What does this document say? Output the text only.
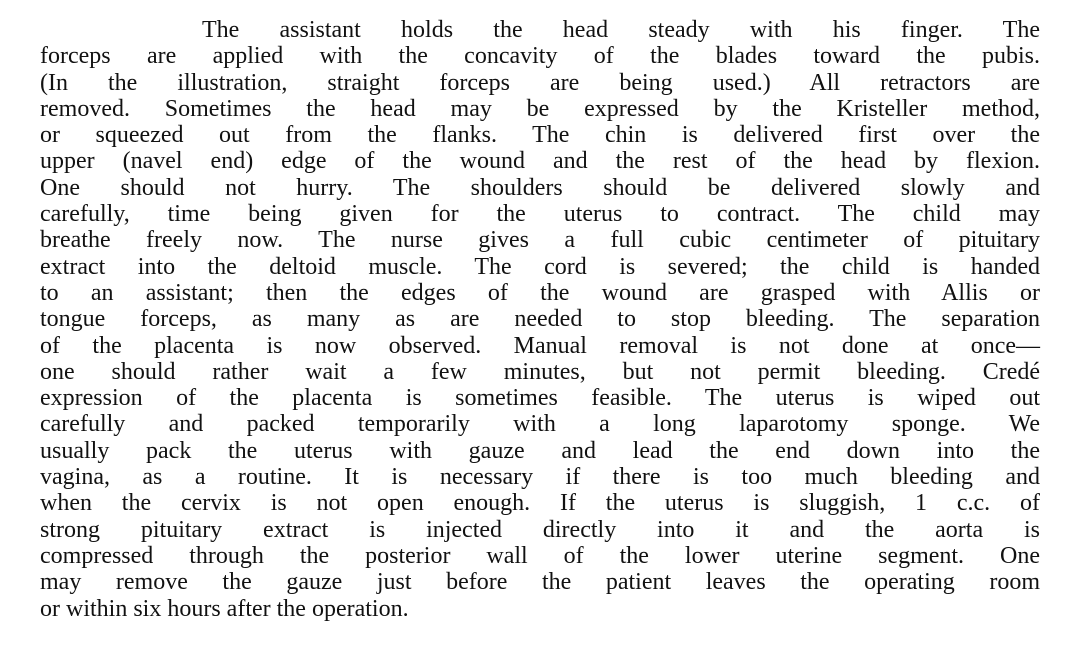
The assistant holds the head steady with his finger. The
forceps are applied with the concavity of the blades toward the pubis.
(In the illustration, straight forceps are being used.) All retractors are
removed. Sometimes the head may be expressed by the Kristeller method,
or squeezed out from the flanks. The chin is delivered first over the
upper (navel end) edge of the wound and the rest of the head by flexion.
One should not hurry. The shoulders should be delivered slowly and
carefully, time being given for the uterus to contract. The child may
breathe freely now. The nurse gives a full cubic centimeter of pituitary
extract into the deltoid muscle. The cord is severed; the child is handed
to an assistant; then the edges of the wound are grasped with Allis or
tongue forceps, as many as are needed to stop bleeding. The separation
of the placenta is now observed. Manual removal is not done at once—
one should rather wait a few minutes, but not permit bleeding. Credé
expression of the placenta is sometimes feasible. The uterus is wiped out
carefully and packed temporarily with a long laparotomy sponge. We
usually pack the uterus with gauze and lead the end down into the
vagina, as a routine. It is necessary if there is too much bleeding and
when the cervix is not open enough. If the uterus is sluggish, 1 c.c. of
strong pituitary extract is injected directly into it and the aorta is
compressed through the posterior wall of the lower uterine segment. One
may remove the gauze just before the patient leaves the operating room
or within six hours after the operation.
